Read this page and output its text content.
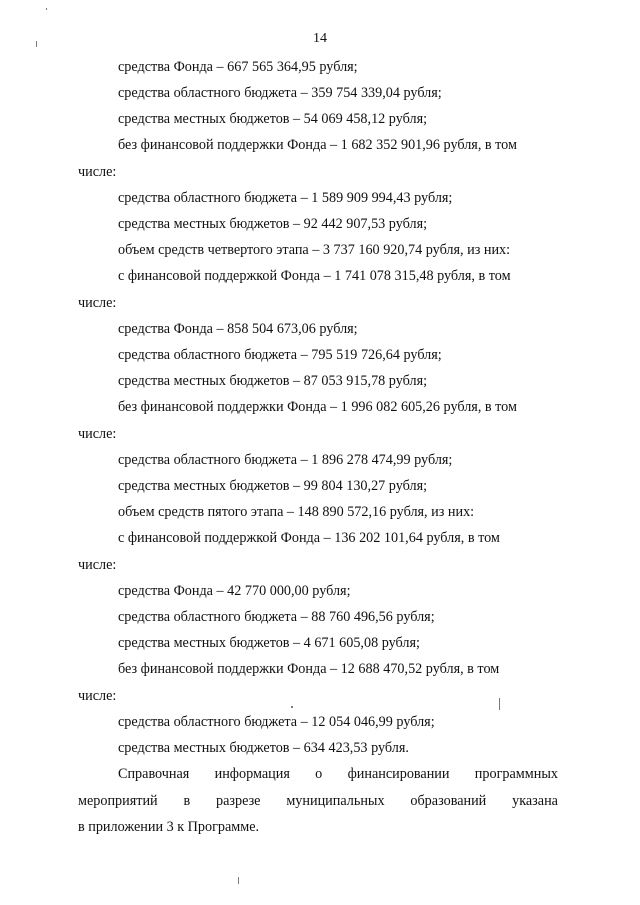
14
средства Фонда – 667 565 364,95 рубля;
средства областного бюджета – 359 754 339,04 рубля;
средства местных бюджетов – 54 069 458,12 рубля;
без финансовой поддержки Фонда – 1 682 352 901,96 рубля, в том
числе:
средства областного бюджета – 1 589 909 994,43 рубля;
средства местных бюджетов – 92 442 907,53 рубля;
объем средств четвертого этапа – 3 737 160 920,74 рубля, из них:
с финансовой поддержкой Фонда – 1 741 078 315,48 рубля, в том
числе:
средства Фонда – 858 504 673,06 рубля;
средства областного бюджета – 795 519 726,64 рубля;
средства местных бюджетов – 87 053 915,78 рубля;
без финансовой поддержки Фонда – 1 996 082 605,26 рубля, в том
числе:
средства областного бюджета – 1 896 278 474,99 рубля;
средства местных бюджетов – 99 804 130,27 рубля;
объем средств пятого этапа – 148 890 572,16 рубля, из них:
с финансовой поддержкой Фонда – 136 202 101,64 рубля, в том
числе:
средства Фонда – 42 770 000,00 рубля;
средства областного бюджета – 88 760 496,56 рубля;
средства местных бюджетов – 4 671 605,08 рубля;
без финансовой поддержки Фонда – 12 688 470,52 рубля, в том
числе:
средства областного бюджета – 12 054 046,99 рубля;
средства местных бюджетов – 634 423,53 рубля.
Справочная информация о финансировании программных
мероприятий в разрезе муниципальных образований указана
в приложении 3 к Программе.
